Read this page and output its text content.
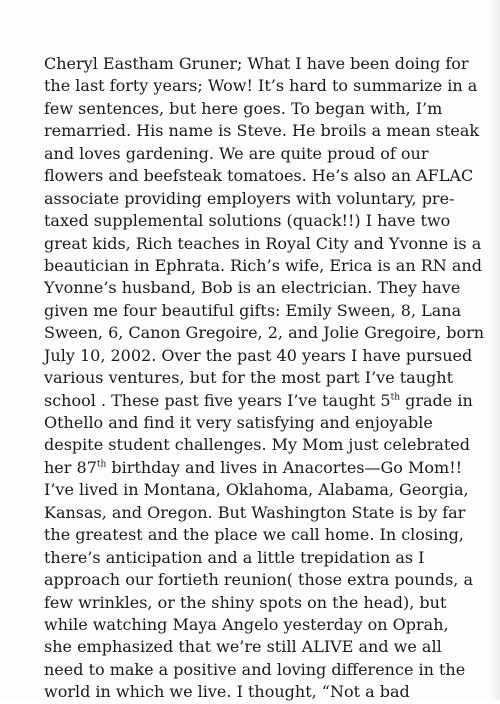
Cheryl Eastham Gruner; What I have been doing for
the last forty years; Wow! It’s hard to summarize in a
few sentences, but here goes. To began with, I’m
remarried. His name is Steve. He broils a mean steak
and loves gardening. We are quite proud of our
flowers and beefsteak tomatoes. He’s also an AFLAC
associate providing employers with voluntary, pre-
taxed supplemental solutions (quack!!) I have two
great kids, Rich teaches in Royal City and Yvonne is a
beautician in Ephrata. Rich’s wife, Erica is an RN and
Yvonne’s husband, Bob is an electrician. They have
given me four beautiful gifts: Emily Sween, 8, Lana
Sween, 6, Canon Gregoire, 2, and Jolie Gregoire, born
July 10, 2002. Over the past 40 years I have pursued
various ventures, but for the most part I’ve taught
school . These past five years I’ve taught 5th grade in
Othello and find it very satisfying and enjoyable
despite student challenges. My Mom just celebrated
her 87th birthday and lives in Anacortes—Go Mom!!
I’ve lived in Montana, Oklahoma, Alabama, Georgia,
Kansas, and Oregon. But Washington State is by far
the greatest and the place we call home. In closing,
there’s anticipation and a little trepidation as I
approach our fortieth reunion( those extra pounds, a
few wrinkles, or the shiny spots on the head), but
while watching Maya Angelo yesterday on Oprah,
she emphasized that we’re still ALIVE and we all
need to make a positive and loving difference in the
world in which we live. I thought, “Not a bad
